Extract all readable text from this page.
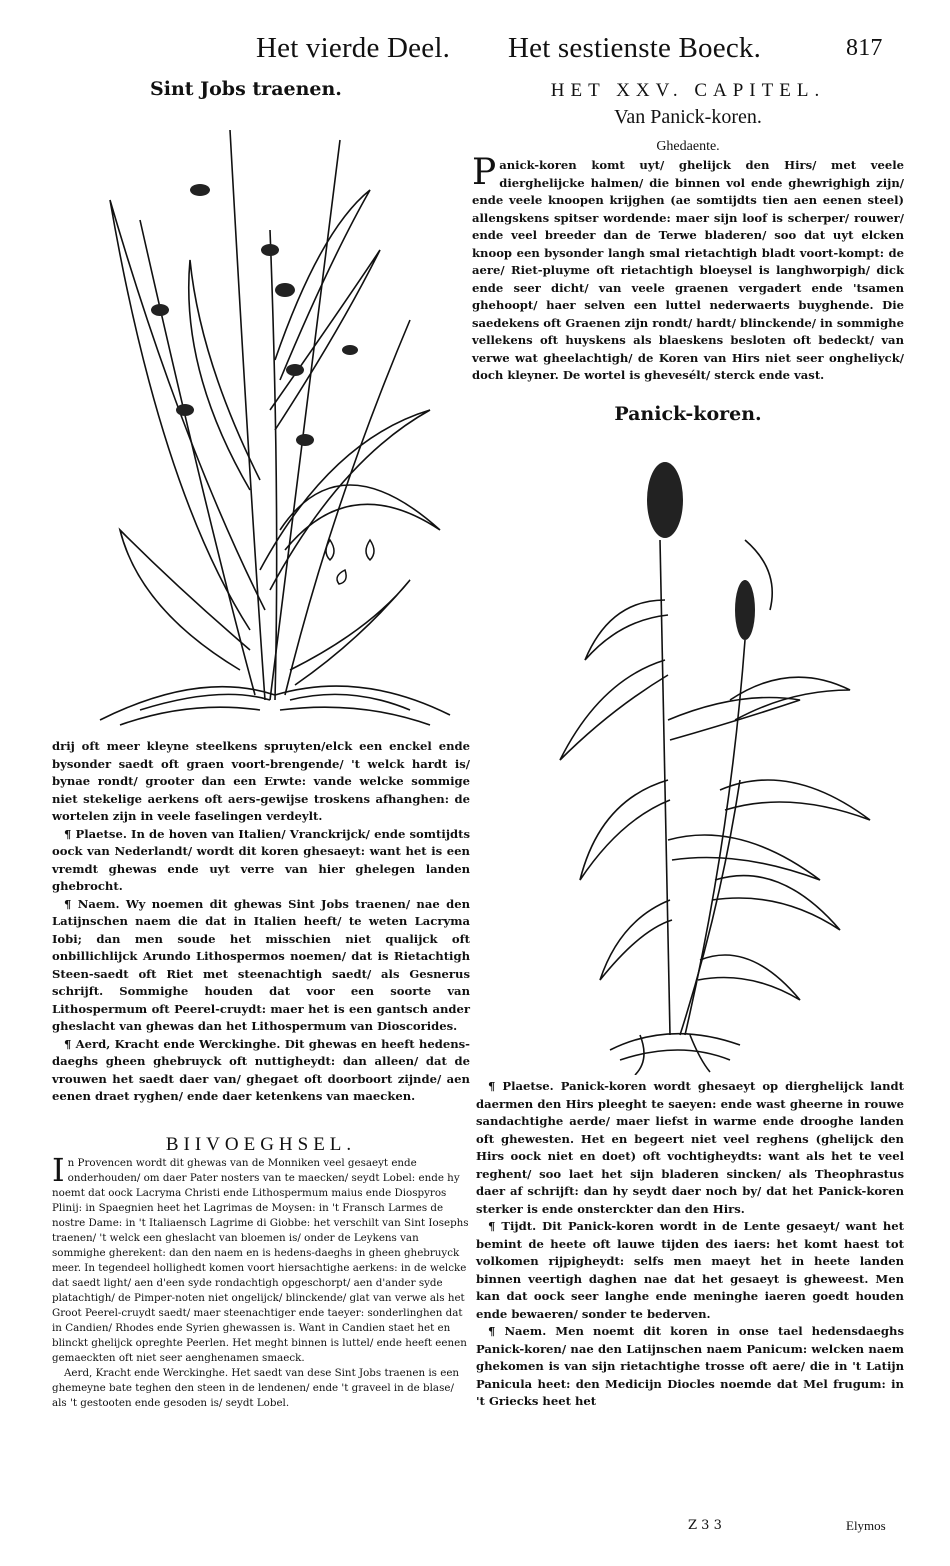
Het vierde Deel. Het sestienste Boeck.	817
Sint Jobs traenen.

drij oft meer kleyne steelkens spruyten/elck een enckel ende bysonder saedt oft graen voort-brengende/ 't welck hardt is/ bynae rondt/ grooter dan een Erwte: vande welcke sommige niet stekelige aerkens oft aers-gewijse troskens afhanghen: de wortelen zijn in veele faselingen verdeylt.

¶ Plaetse. In de hoven van Italien/ Vranckrijck/ ende somtijdts oock van Nederlandt/ wordt dit koren ghesaeyt: want het is een vremdt ghewas ende uyt verre van hier ghelegen landen ghebrocht.

¶ Naem. Wy noemen dit ghewas Sint Jobs traenen/ nae den Latijnschen naem die dat in Italien heeft/ te weten Lacryma Iobi; dan men soude het misschien niet qualijck oft onbillichlijck Arundo Lithospermos noemen/ dat is Rietachtigh Steen-saedt oft Riet met steenachtigh saedt/ als Gesnerus schrijft. Sommighe houden dat voor een soorte van Lithospermum oft Peerel-cruydt: maer het is een gantsch ander gheslacht van ghewas dan het Lithospermum van Dioscorides.

¶ Aerd, Kracht ende Werckinghe. Dit ghewas en heeft hedens-daeghs gheen ghebruyck oft nuttigheydt: dan alleen/ dat de vrouwen het saedt daer van/ ghegaet oft doorboort zijnde/ aen eenen draet ryghen/ ende daer ketenkens van maecken.

BIIVOEGHSEL.

In Provencen wordt dit ghewas van de Monniken veel gesaeyt ende onderhouden/ om daer Pater nosters van te maecken/ seydt Lobel: ende hy noemt dat oock Lacryma Christi ende Lithospermum maius ende Diospyros Plinij: in Spaegnien heet het Lagrimas de Moysen: in 't Fransch Larmes de nostre Dame: in 't Italiaensch Lagrime di Giobbe: het verschilt van Sint Iosephs traenen/ 't welck een gheslacht van bloemen is/ onder de Leykens van sommighe gherekent: dan den naem en is hedens-daeghs in gheen ghebruyck meer. In tegendeel hollighedt komen voort hiersachtighe aerkens: in de welcke dat saedt light/ aen d'een syde rondachtigh opgeschorpt/ aen d'ander syde platachtigh/ de Pimper-noten niet ongelijck/ blinckende/ glat van verwe als het Groot Peerel-cruydt saedt/ maer steenachtiger ende taeyer: sonderlinghen dat in Candien/ Rhodes ende Syrien ghewassen is. Want in Candien staet het en blinckt ghelijck opreghte Peerlen. Het meght binnen is luttel/ ende heeft eenen gemaeckten oft niet seer aenghenamen smaeck.

Aerd, Kracht ende Werckinghe. Het saedt van dese Sint Jobs traenen is een ghemeyne bate teghen den steen in de lendenen/ ende 't graveel in de blase/ als 't gestooten ende gesoden is/ seydt Lobel.

HET XXV. CAPITEL.
Van Panick-koren.
Ghedaente.

Panick-koren komt uyt/ ghelijck den Hirs/ met veele dierghelijcke halmen/ die binnen vol ende ghewrighigh zijn/ ende veele knoopen krijghen (ae somtijdts tien aen eenen steel) allengskens spitser wordende: maer sijn loof is scherper/ rouwer/ ende veel breeder dan de Terwe bladeren/ soo dat uyt elcken knoop een bysonder langh smal rietachtigh bladt voort-kompt: de aere/ Riet-pluyme oft rietachtigh bloeysel is langhworpigh/ dick ende seer dicht/ van veele graenen vergadert ende 'tsamen ghehoopt/ haer selven een luttel nederwaerts buyghende. Die saedekens oft Graenen zijn rondt/ hardt/ blinckende/ in sommighe vellekens oft huyskens als blaeskens besloten oft bedeckt/ van verwe wat gheelachtigh/ de Koren van Hirs niet seer ongheliyck/ doch kleyner. De wortel is ghevesélt/ sterck ende vast.

Panick-koren.

¶ Plaetse. Panick-koren wordt ghesaeyt op dierghelijck landt daermen den Hirs pleeght te saeyen: ende wast gheerne in rouwe sandachtighe aerde/ maer liefst in warme ende drooghe landen oft ghewesten. Het en begeert niet veel reghens (ghelijck den Hirs oock niet en doet) oft vochtigheydts: want als het te veel reghent/ soo laet het sijn bladeren sincken/ als Theophrastus daer af schrijft: dan hy seydt daer noch by/ dat het Panick-koren sterker is ende onsterckter dan den Hirs.

¶ Tijdt. Dit Panick-koren wordt in de Lente gesaeyt/ want het bemint de heete oft lauwe tijden des iaers: het komt haest tot volkomen rijpigheydt: selfs men maeyt het in heete landen binnen veertigh daghen nae dat het gesaeyt is gheweest. Men kan dat oock seer langhe ende meninghe iaeren goedt houden ende bewaeren/ sonder te bederven.

¶ Naem. Men noemt dit koren in onse tael hedensdaeghs Panick-koren/ nae den Latijnschen naem Panicum: welcken naem ghekomen is van sijn rietachtighe trosse oft aere/ die in 't Latijn Panicula heet: den Medicijn Diocles noemde dat Mel frugum: in 't Griecks heet het

Z 3 3	Elymos
